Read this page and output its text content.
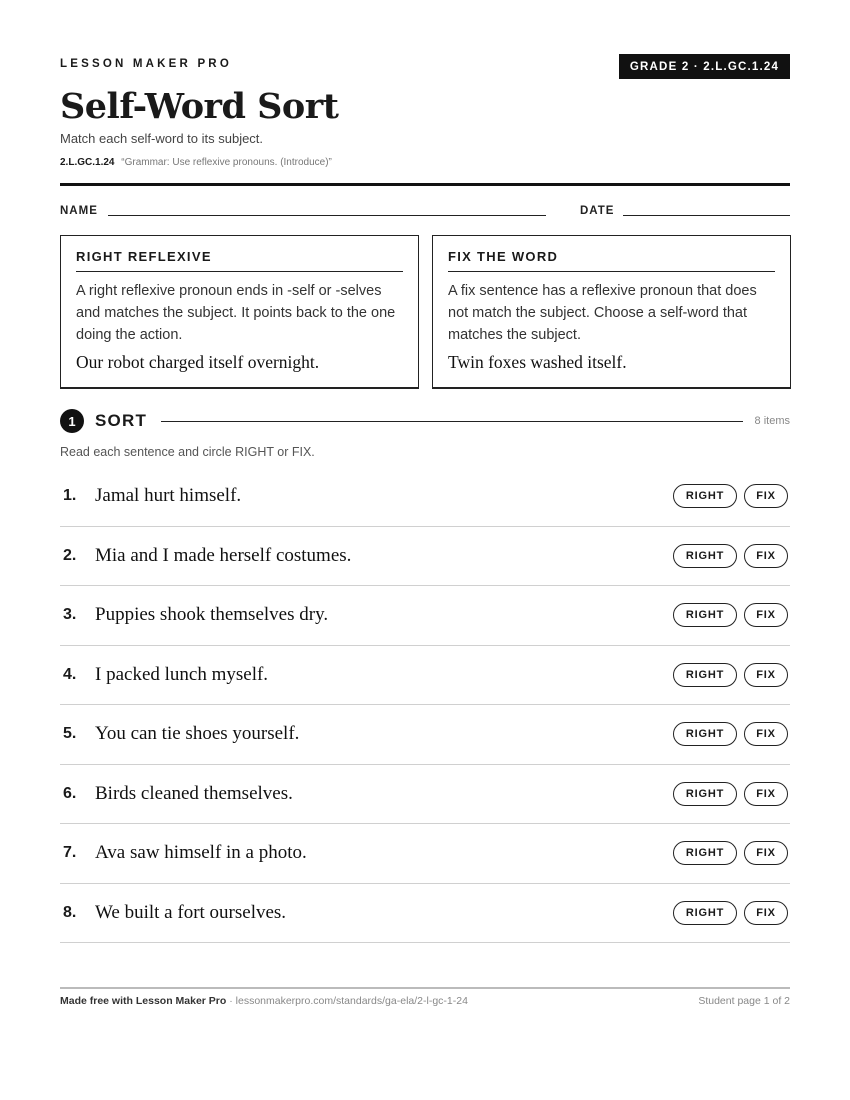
LESSON MAKER PRO	GRADE 2 · 2.L.GC.1.24
Self-Word Sort
Match each self-word to its subject.
2.L.GC.1.24 “Grammar: Use reflexive pronouns. (Introduce)”
NAME	DATE
RIGHT REFLEXIVE
A right reflexive pronoun ends in -self or -selves and matches the subject. It points back to the one doing the action.
Our robot charged itself overnight.
FIX THE WORD
A fix sentence has a reflexive pronoun that does not match the subject. Choose a self-word that matches the subject.
Twin foxes washed itself.
1	SORT	8 items
Read each sentence and circle RIGHT or FIX.
1. Jamal hurt himself.	RIGHT	FIX
2. Mia and I made herself costumes.	RIGHT	FIX
3. Puppies shook themselves dry.	RIGHT	FIX
4. I packed lunch myself.	RIGHT	FIX
5. You can tie shoes yourself.	RIGHT	FIX
6. Birds cleaned themselves.	RIGHT	FIX
7. Ava saw himself in a photo.	RIGHT	FIX
8. We built a fort ourselves.	RIGHT	FIX
Made free with Lesson Maker Pro · lessonmakerpro.com/standards/ga-ela/2-l-gc-1-24	Student page 1 of 2
